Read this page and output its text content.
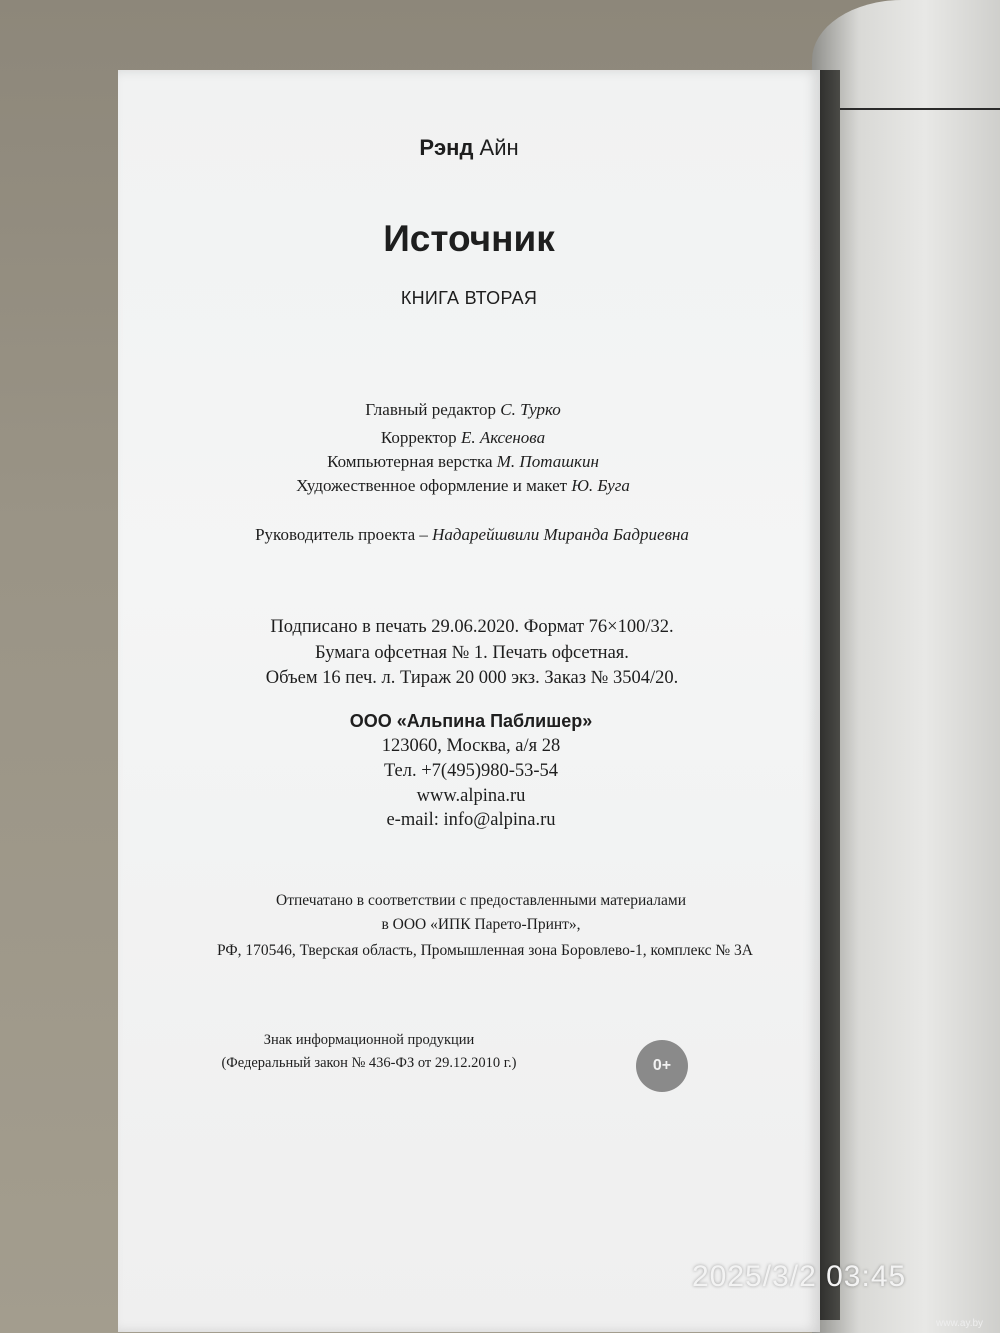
Рэнд Айн
Источник
КНИГА ВТОРАЯ
Главный редактор С. Турко
Корректор Е. Аксенова
Компьютерная верстка М. Поташкин
Художественное оформление и макет Ю. Буга
Руководитель проекта – Надарейшвили Миранда Бадриевна
Подписано в печать 29.06.2020. Формат 76×100/32.
Бумага офсетная № 1. Печать офсетная.
Объем 16 печ. л. Тираж 20 000 экз. Заказ № 3504/20.
ООО «Альпина Паблишер»
123060, Москва, а/я 28
Тел. +7(495)980-53-54
www.alpina.ru
e-mail: info@alpina.ru
Отпечатано в соответствии с предоставленными материалами
в ООО «ИПК Парето-Принт»,
РФ, 170546, Тверская область, Промышленная зона Боровлево-1, комплекс № 3А
Знак информационной продукции
(Федеральный закон № 436-ФЗ от 29.12.2010 г.)	0+
2025/3/2 03:45
www.ay.by
